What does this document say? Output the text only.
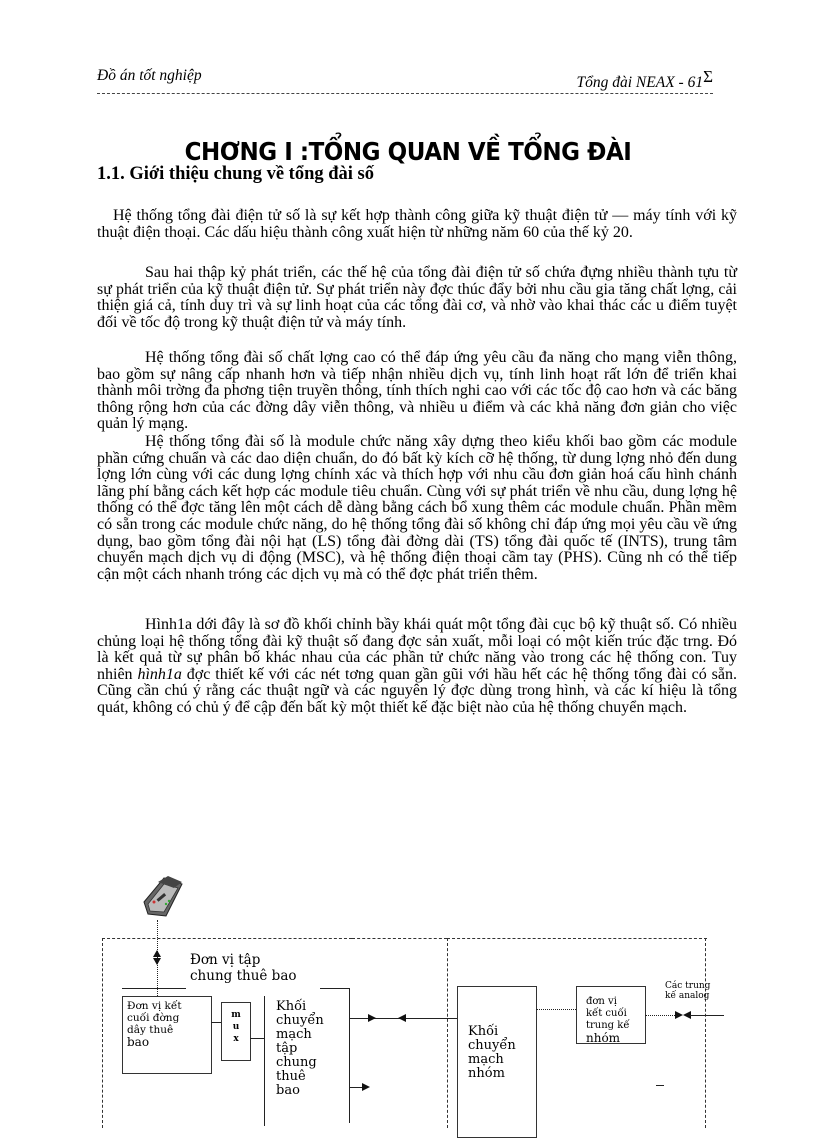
Đồ án tốt nghiệp	Tổng đài NEAX - $61^\Sigma$
CHƠNG I :TỔNG QUAN VỀ TỔNG ĐÀI
1.1. Giới thiệu chung về tổng đài số

Hệ thống tổng đài điện tử số là sự kết hợp thành công giữa kỹ thuật điện tử — máy tính với kỹ thuật điện thoại. Các dấu hiệu thành công xuất hiện từ những năm 60 của thế kỷ 20.

Sau hai thập kỷ phát triển, các thế hệ của tổng đài điện tử số chứa đựng nhiều thành tựu từ sự phát triển của kỹ thuật điện tử. Sự phát triển này đợc thúc đẩy bởi nhu cầu gia tăng chất lợng, cải thiện giá cả, tính duy trì và sự linh hoạt của các tổng đài cơ, và nhờ vào khai thác các u điểm tuyệt đối về tốc độ trong kỹ thuật điện tử và máy tính.

Hệ thống tổng đài số chất lợng cao có thể đáp ứng yêu cầu đa năng cho mạng viễn thông, bao gồm sự nâng cấp nhanh hơn và tiếp nhận nhiều dịch vụ, tính linh hoạt rất lớn để triển khai thành môi trờng đa phơng tiện truyền thông, tính thích nghi cao với các tốc độ cao hơn và các băng thông rộng hơn của các đờng dây viễn thông, và nhiều u điểm và các khả năng đơn giản cho việc quản lý mạng.

Hệ thống tổng đài số là module chức năng xây dựng theo kiểu khối bao gồm các module phần cứng chuẩn và các dao diện chuẩn, do đó bất kỳ kích cỡ hệ thống, từ dung lợng nhỏ đến dung lợng lớn cùng với các dung lợng chính xác và thích hợp với nhu cầu đơn giản hoá cấu hình chánh lãng phí bằng cách kết hợp các module tiêu chuẩn. Cùng với sự phát triển về nhu cầu, dung lợng hệ thống có thể đợc tăng lên một cách dễ dàng bằng cách bổ xung thêm các module chuẩn. Phần mềm có sẵn trong các module chức năng, do hệ thống tổng đài số không chỉ đáp ứng mọi yêu cầu về ứng dụng, bao gồm tổng đài nội hạt (LS) tổng đài đờng dài (TS) tổng đài quốc tế (INTS), trung tâm chuyển mạch dịch vụ di động (MSC), và hệ thống điện thoại cầm tay (PHS). Cũng nh có thể tiếp cận một cách nhanh tróng các dịch vụ mà có thể đợc phát triển thêm.

Hình1a dới đây là sơ đồ khối chỉnh bầy khái quát một tổng đài cục bộ kỹ thuật số. Có nhiều chủng loại hệ thống tổng đài kỹ thuật số đang đợc sản xuất, mỗi loại có một kiến trúc đặc trng. Đó là kết quả từ sự phân bố khác nhau của các phần tử chức năng vào trong các hệ thống con. Tuy nhiên hình1a đợc thiết kế với các nét tơng quan gần gũi với hầu hết các hệ thống tổng đài có sẵn. Cũng cần chú ý rằng các thuật ngữ và các nguyên lý đợc dùng trong hình, và các kí hiệu là tổng quát, không có chủ ý để cập đến bất kỳ một thiết kế đặc biệt nào của hệ thống chuyển mạch.

Đơn vị tập
chung thuê bao
Đơn vị kết
cuối đờng
dây thuê
bao
m
u
x
Khối
chuyển
mạch
tập
chung
thuê
bao
Khối
chuyển
mạch
nhóm
đơn vị
kết cuối
trung kế
nhóm
Các trung
kế analog
